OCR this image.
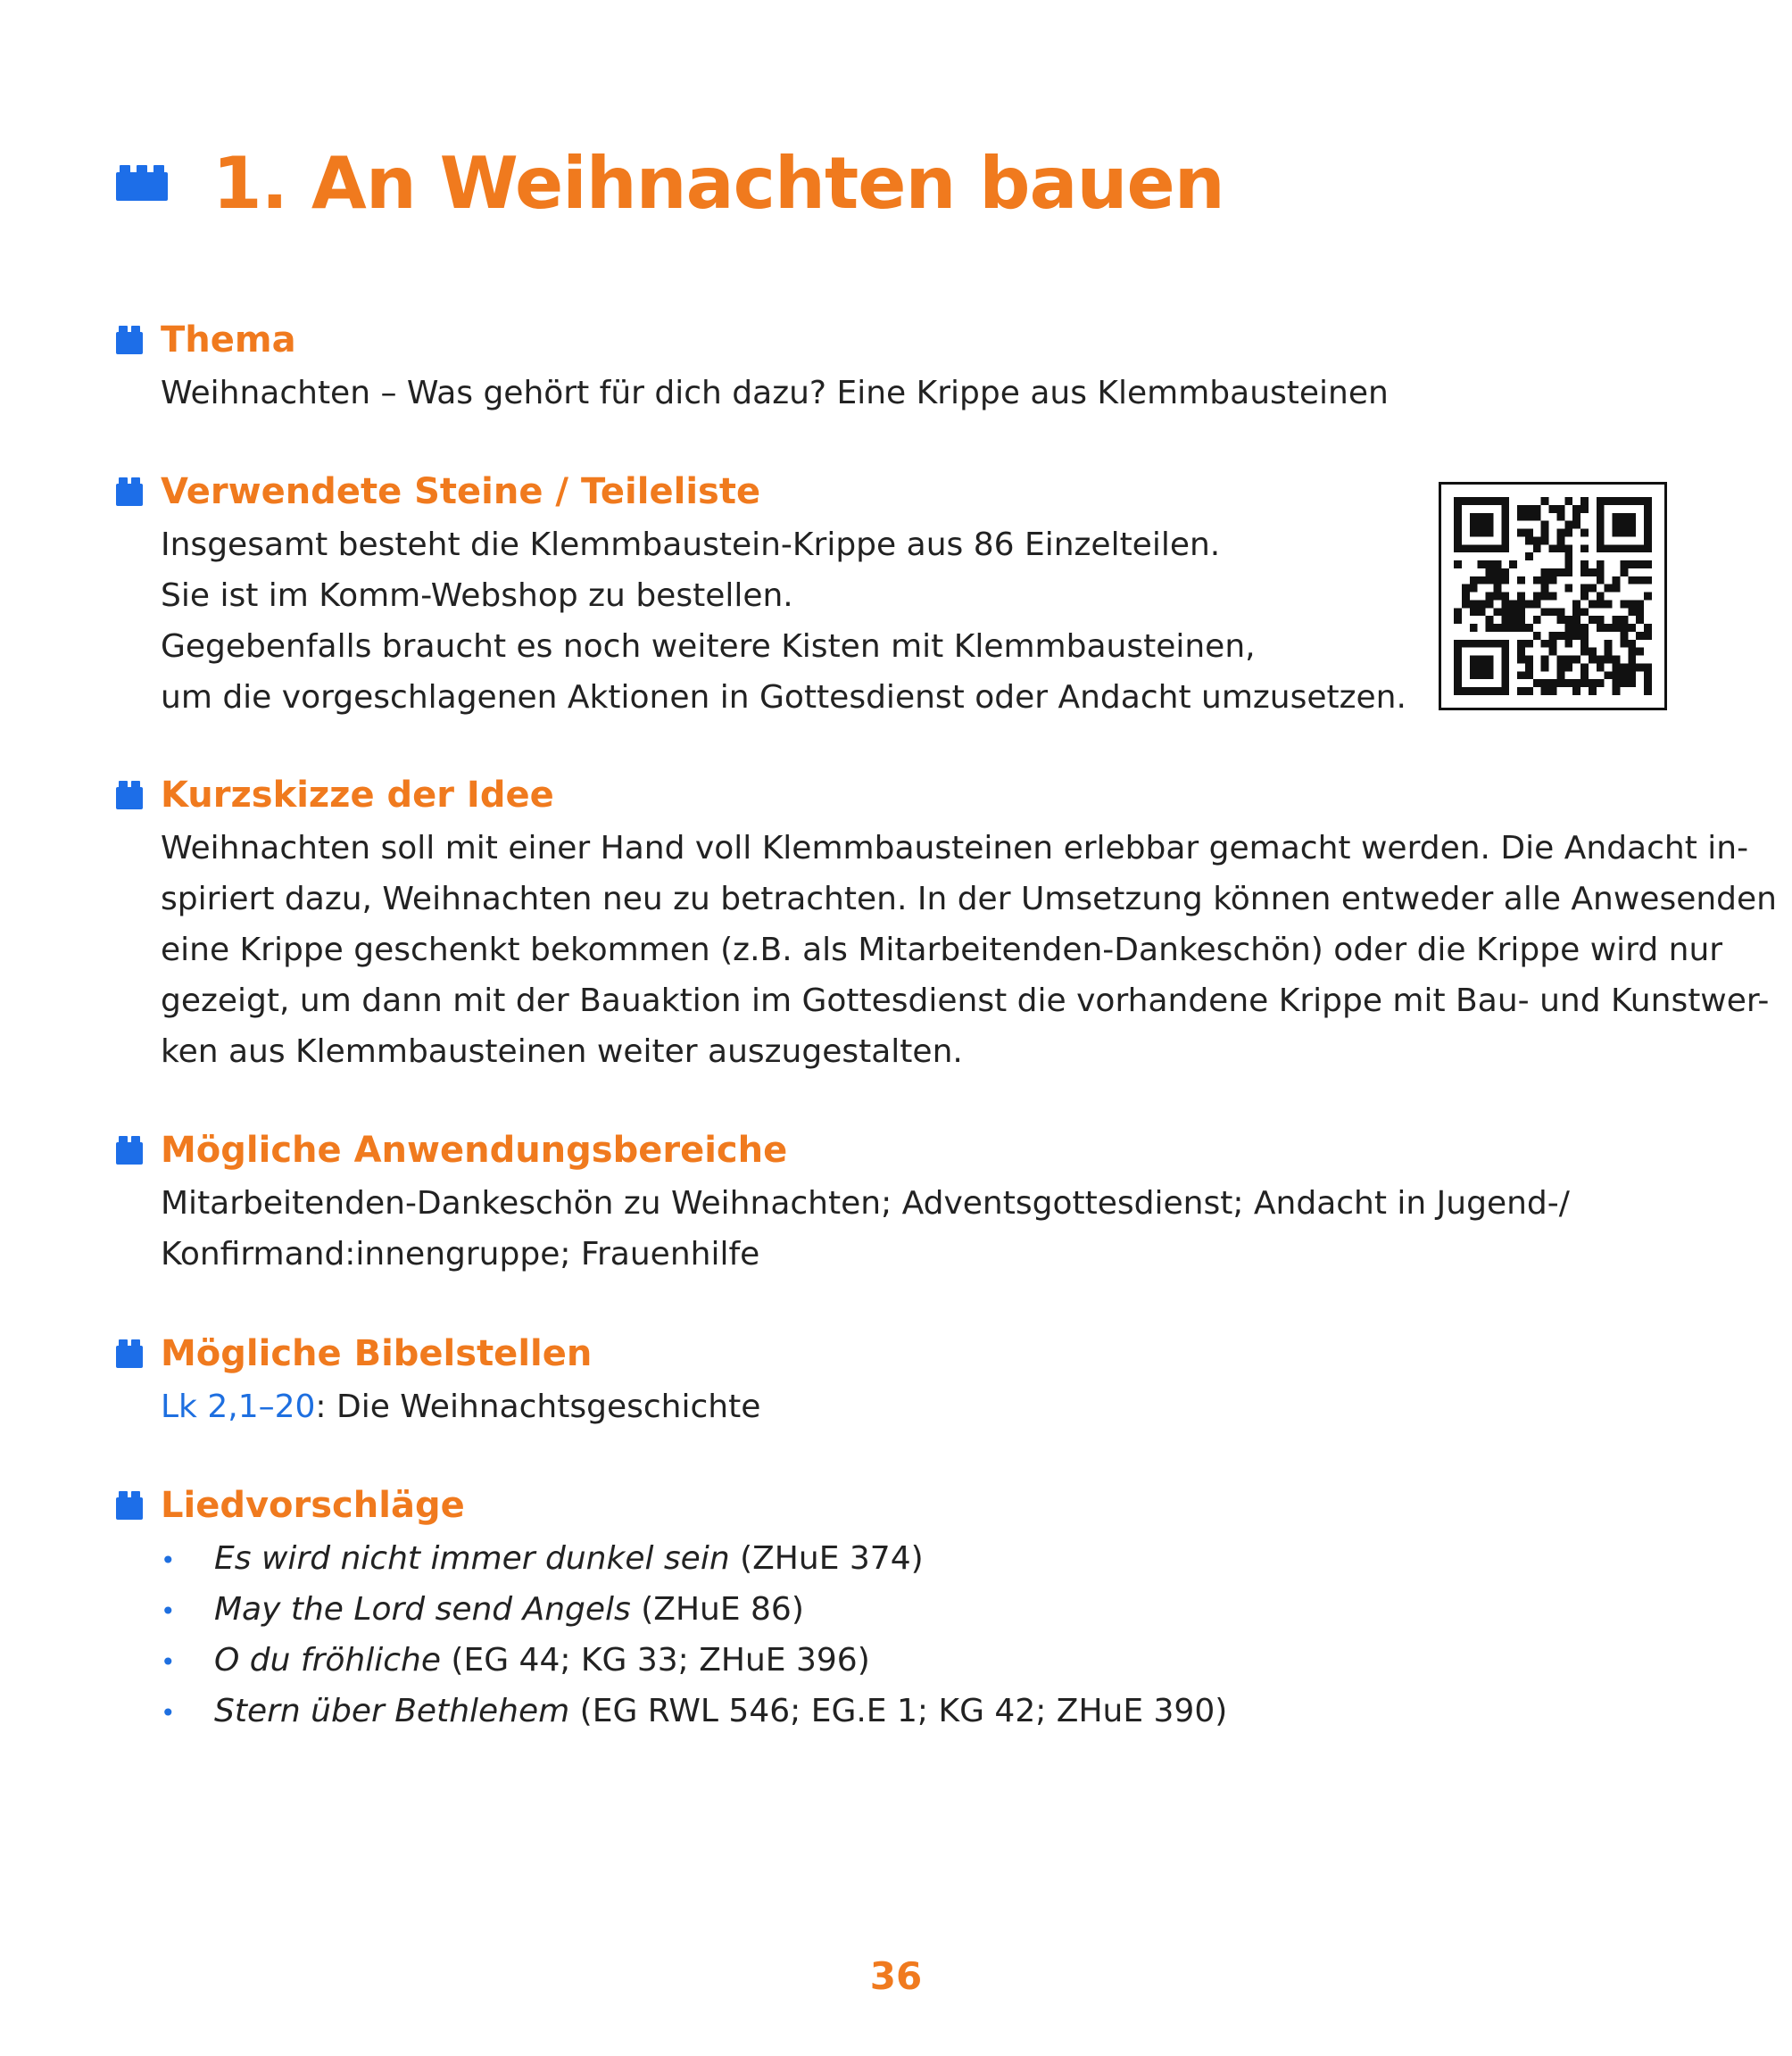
1. An Weihnachten bauen
Thema
Weihnachten – Was gehört für dich dazu? Eine Krippe aus Klemmbausteinen
Verwendete Steine / Teileliste
Insgesamt besteht die Klemmbaustein-Krippe aus 86 Einzelteilen.
Sie ist im Komm-Webshop zu bestellen.
Gegebenfalls braucht es noch weitere Kisten mit Klemmbausteinen,
um die vorgeschlagenen Aktionen in Gottesdienst oder Andacht umzusetzen.
Kurzskizze der Idee
Weihnachten soll mit einer Hand voll Klemmbausteinen erlebbar gemacht werden. Die Andacht in-
spiriert dazu, Weihnachten neu zu betrachten. In der Umsetzung können entweder alle Anwesenden
eine Krippe geschenkt bekommen (z.B. als Mitarbeitenden-Dankeschön) oder die Krippe wird nur
gezeigt, um dann mit der Bauaktion im Gottesdienst die vorhandene Krippe mit Bau- und Kunstwer-
ken aus Klemmbausteinen weiter auszugestalten.
Mögliche Anwendungsbereiche
Mitarbeitenden-Dankeschön zu Weihnachten; Adventsgottesdienst; Andacht in Jugend-/
Konfirmand:innengruppe; Frauenhilfe
Mögliche Bibelstellen
Lk 2,1–20: Die Weihnachtsgeschichte
Liedvorschläge
•	Es wird nicht immer dunkel sein (ZHuE 374)
•	May the Lord send Angels (ZHuE 86)
•	O du fröhliche (EG 44; KG 33; ZHuE 396)
•	Stern über Bethlehem (EG RWL 546; EG.E 1; KG 42; ZHuE 390)
36
